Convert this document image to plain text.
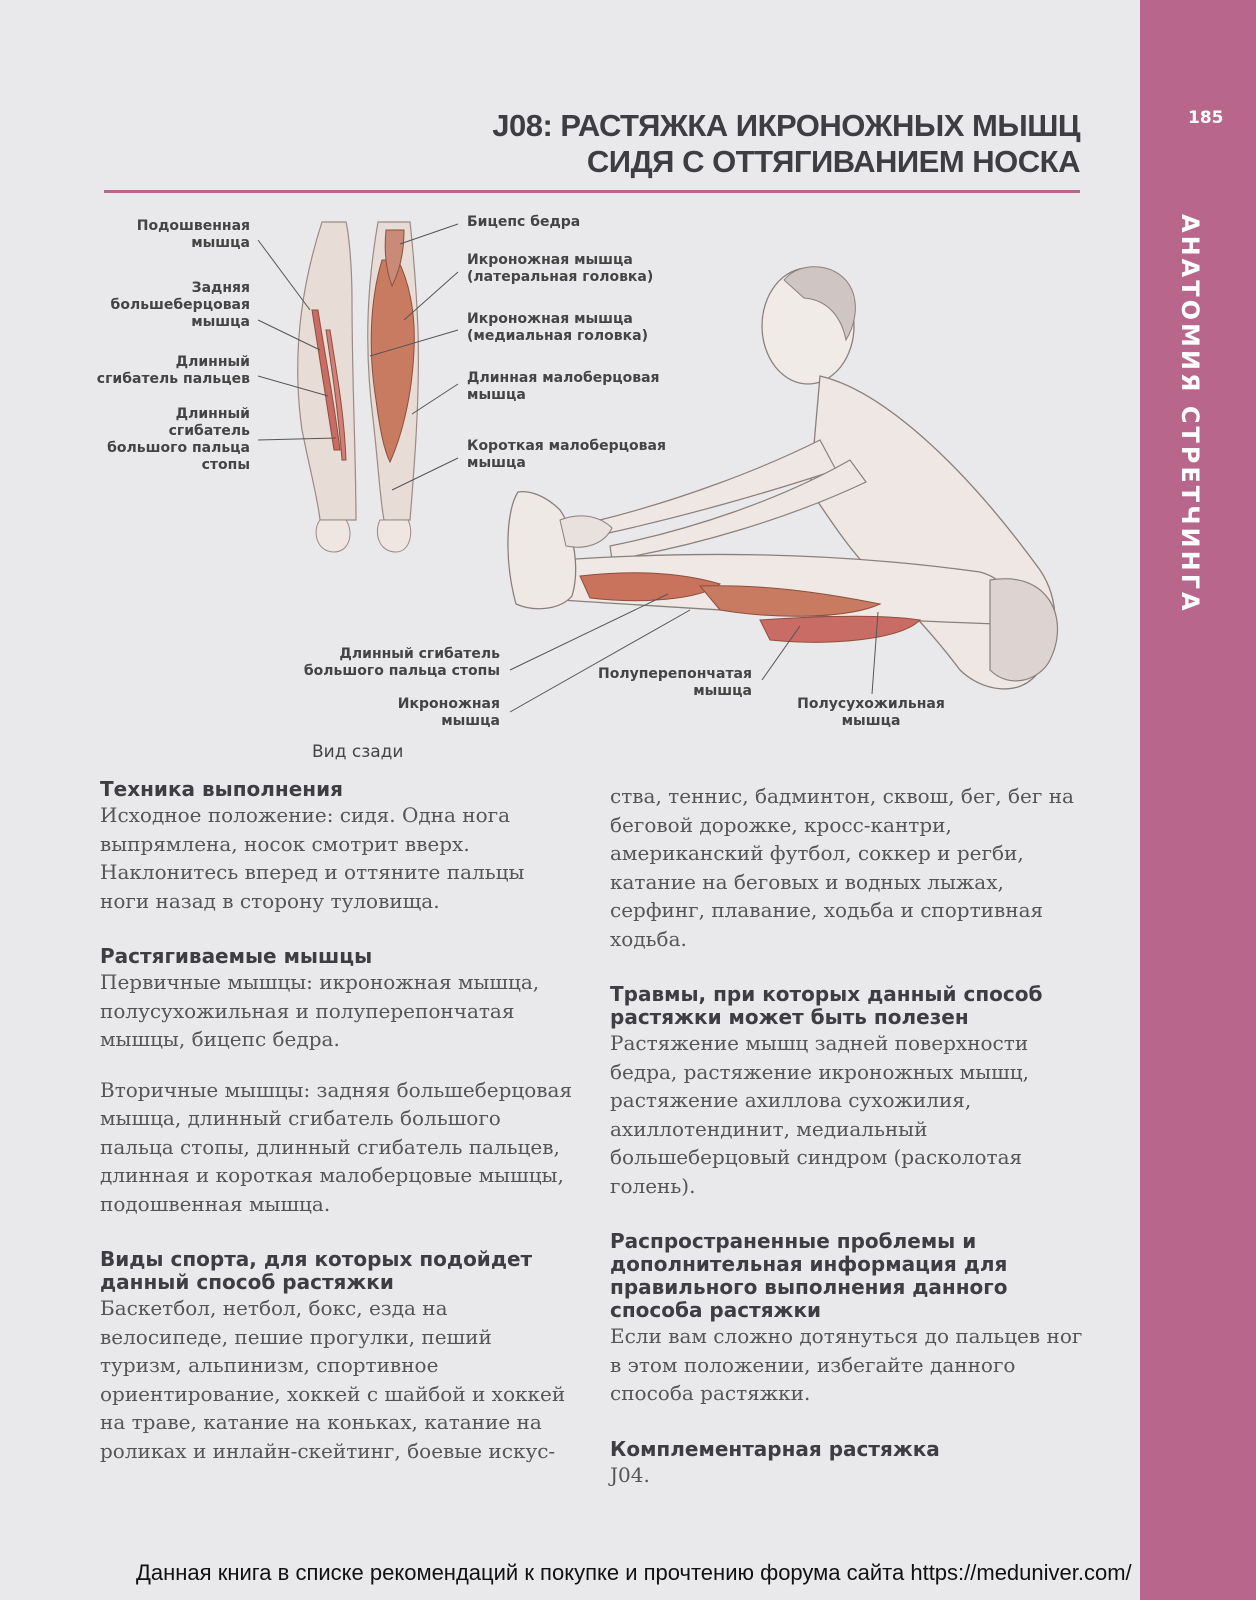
185
АНАТОМИЯ СТРЕТЧИНГА
J08: РАСТЯЖКА ИКРОНОЖНЫХ МЫШЦ
СИДЯ С ОТТЯГИВАНИЕМ НОСКА
Подошвенная мышца
Задняя большеберцовая мышца
Длинный сгибатель пальцев
Длинный сгибатель большого пальца стопы
Бицепс бедра
Икроножная мышца (латеральная головка)
Икроножная мышца (медиальная головка)
Длинная малоберцовая мышца
Короткая малоберцовая мышца
Вид сзади
Длинный сгибатель большого пальца стопы
Икроножная мышца
Полуперепончатая мышца
Полусухожильная мышца
Техника выполнения

Исходное положение: сидя. Одна нога выпрямлена, носок смотрит вверх. Наклонитесь вперед и оттяните пальцы ноги назад в сторону туловища.

Растягиваемые мышцы

Первичные мышцы: икроножная мышца, полусухожильная и полуперепончатая мышцы, бицепс бедра.

Вторичные мышцы: задняя большеберцовая мышца, длинный сгибатель большого пальца стопы, длинный сгибатель пальцев, длинная и короткая малоберцовые мышцы, подошвенная мышца.

Виды спорта, для которых подойдет данный способ растяжки

Баскетбол, нетбол, бокс, езда на велосипеде, пешие прогулки, пеший туризм, альпинизм, спортивное ориентирование, хоккей с шайбой и хоккей на траве, катание на коньках, катание на роликах и инлайн-скейтинг, боевые искус-

ства, теннис, бадминтон, сквош, бег, бег на беговой дорожке, кросс-кантри, американский футбол, соккер и регби, катание на беговых и водных лыжах, серфинг, плавание, ходьба и спортивная ходьба.

Травмы, при которых данный способ растяжки может быть полезен

Растяжение мышц задней поверхности бедра, растяжение икроножных мышц, растяжение ахиллова сухожилия, ахиллотендинит, медиальный большеберцовый синдром (расколотая голень).

Распространенные проблемы и дополнительная информация для правильного выполнения данного способа растяжки

Если вам сложно дотянуться до пальцев ног в этом положении, избегайте данного способа растяжки.

Комплементарная растяжка

J04.

Данная книга в списке рекомендаций к покупке и прочтению форума сайта https://meduniver.com/
